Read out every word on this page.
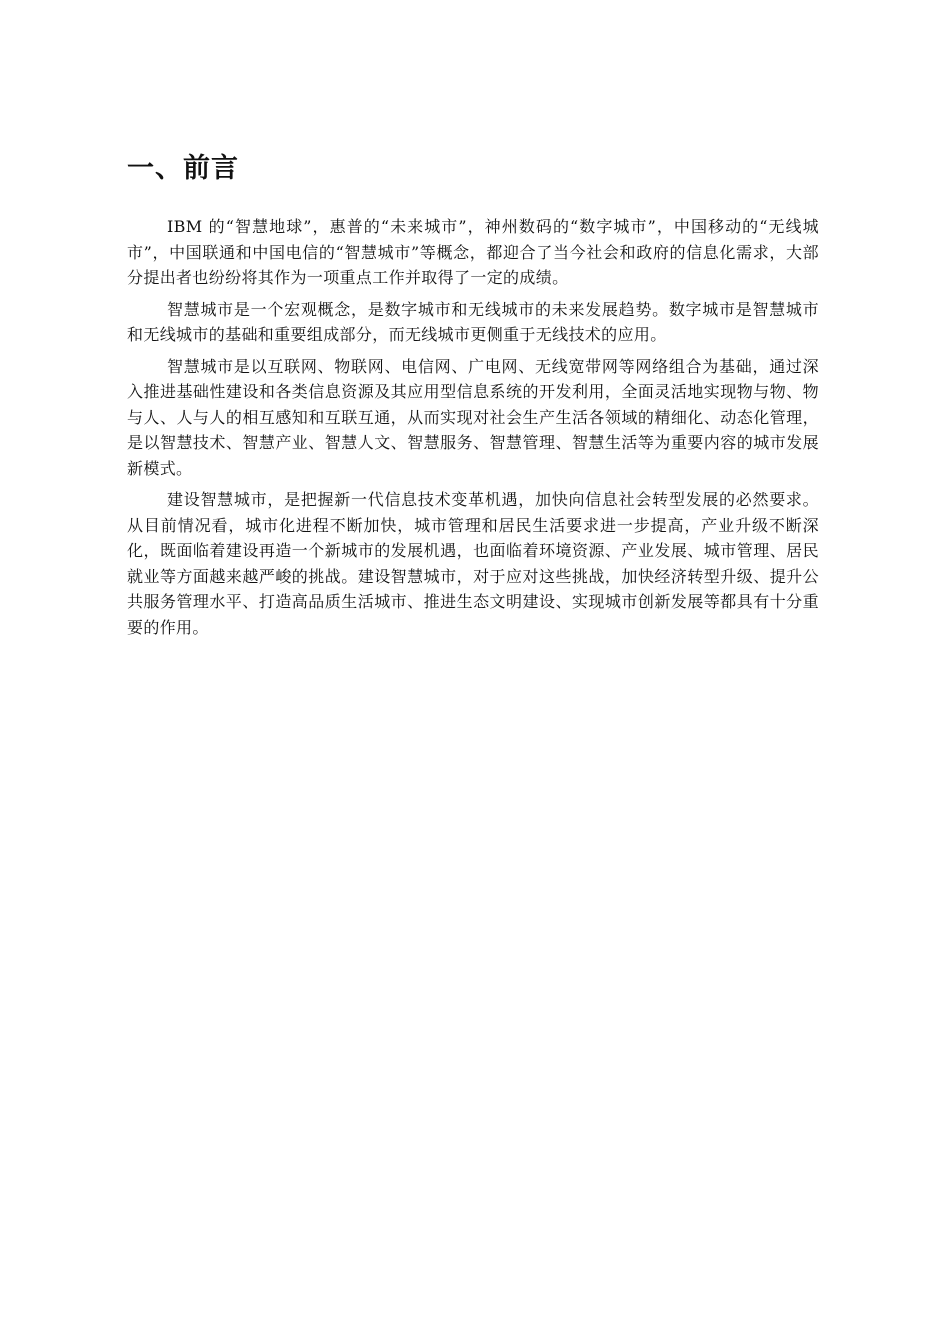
一、前言

IBM 的“智慧地球”，惠普的“未来城市”，神州数码的“数字城市”，中国移动的“无线城市”，中国联通和中国电信的“智慧城市”等概念，都迎合了当今社会和政府的信息化需求，大部分提出者也纷纷将其作为一项重点工作并取得了一定的成绩。

智慧城市是一个宏观概念，是数字城市和无线城市的未来发展趋势。数字城市是智慧城市和无线城市的基础和重要组成部分，而无线城市更侧重于无线技术的应用。

智慧城市是以互联网、物联网、电信网、广电网、无线宽带网等网络组合为基础，通过深入推进基础性建设和各类信息资源及其应用型信息系统的开发利用，全面灵活地实现物与物、物与人、人与人的相互感知和互联互通，从而实现对社会生产生活各领域的精细化、动态化管理，是以智慧技术、智慧产业、智慧人文、智慧服务、智慧管理、智慧生活等为重要内容的城市发展新模式。

建设智慧城市，是把握新一代信息技术变革机遇，加快向信息社会转型发展的必然要求。从目前情况看，城市化进程不断加快，城市管理和居民生活要求进一步提高，产业升级不断深化，既面临着建设再造一个新城市的发展机遇，也面临着环境资源、产业发展、城市管理、居民就业等方面越来越严峻的挑战。建设智慧城市，对于应对这些挑战，加快经济转型升级、提升公共服务管理水平、打造高品质生活城市、推进生态文明建设、实现城市创新发展等都具有十分重要的作用。
